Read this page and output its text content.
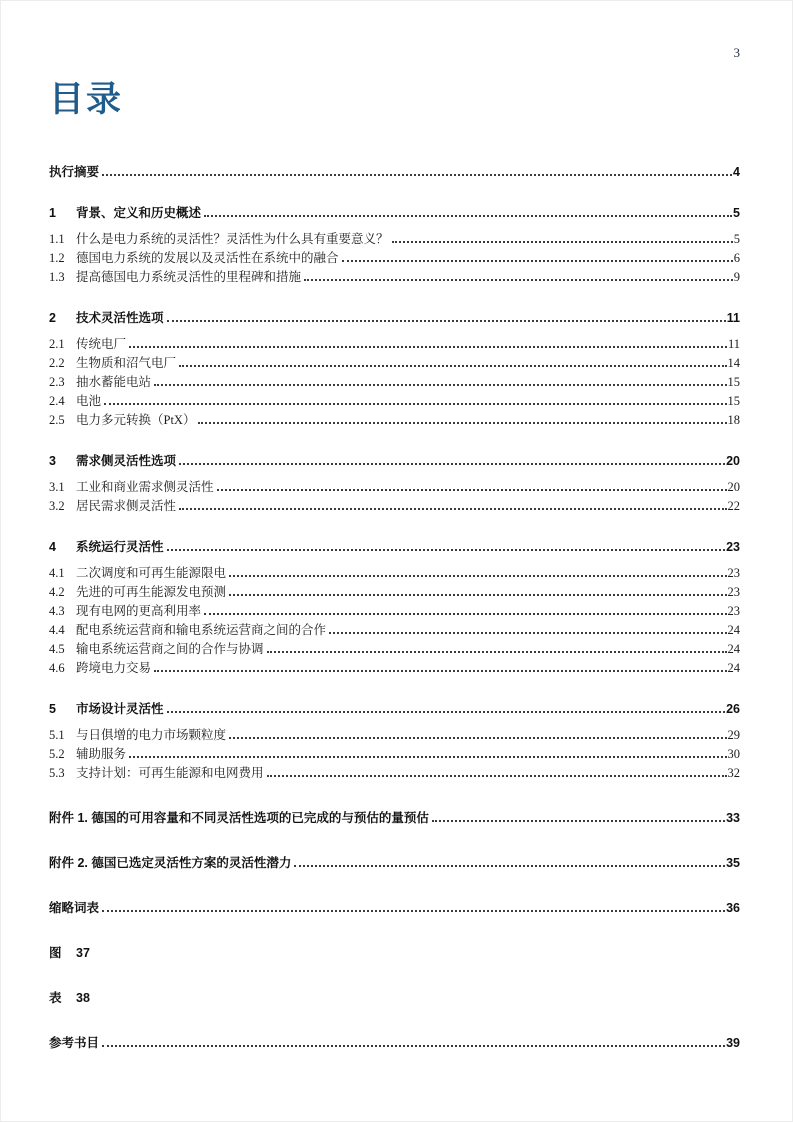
3
目录
执行摘要	4
1	背景、定义和历史概述	5
1.1 什么是电力系统的灵活性？灵活性为什么具有重要意义？	5
1.2 德国电力系统的发展以及灵活性在系统中的融合	6
1.3 提高德国电力系统灵活性的里程碑和措施	9
2	技术灵活性选项	11
2.1 传统电厂	11
2.2 生物质和沼气电厂	14
2.3 抽水蓄能电站	15
2.4 电池	15
2.5 电力多元转换（PtX）	18
3	需求侧灵活性选项	20
3.1 工业和商业需求侧灵活性	20
3.2 居民需求侧灵活性	22
4	系统运行灵活性	23
4.1 二次调度和可再生能源限电	23
4.2 先进的可再生能源发电预测	23
4.3 现有电网的更高利用率	23
4.4 配电系统运营商和输电系统运营商之间的合作	24
4.5 输电系统运营商之间的合作与协调	24
4.6 跨境电力交易	24
5	市场设计灵活性	26
5.1 与日俱增的电力市场颗粒度	29
5.2 辅助服务	30
5.3 支持计划：可再生能源和电网费用	32
附件 1. 德国的可用容量和不同灵活性选项的已完成的与预估的量预估	33
附件 2. 德国已选定灵活性方案的灵活性潜力	35
缩略词表	36
图	37
表	38
参考书目	39
